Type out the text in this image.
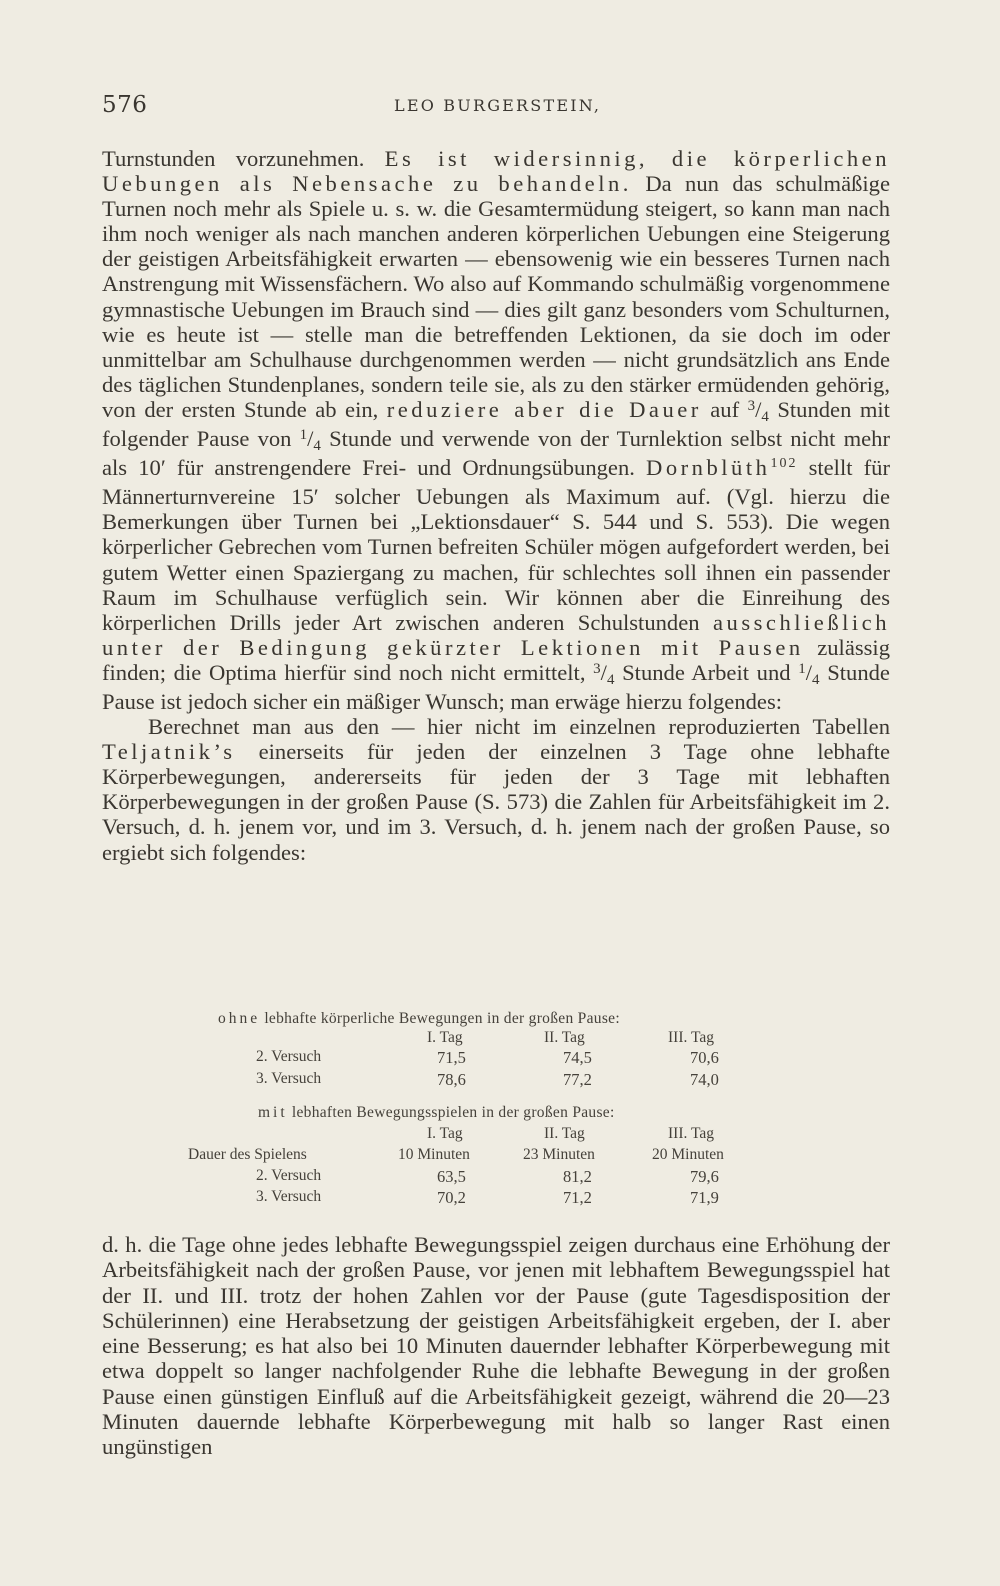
576	LEO BURGERSTEIN,

Turnstunden vorzunehmen. Es ist widersinnig, die körperlichen Uebungen als Nebensache zu behandeln. Da nun das schulmäßige Turnen noch mehr als Spiele u. s. w. die Gesamtermüdung steigert, so kann man nach ihm noch weniger als nach manchen anderen körperlichen Uebungen eine Steigerung der geistigen Arbeitsfähigkeit erwarten — ebensowenig wie ein besseres Turnen nach Anstrengung mit Wissensfächern. Wo also auf Kommando schulmäßig vorgenommene gymnastische Uebungen im Brauch sind — dies gilt ganz besonders vom Schulturnen, wie es heute ist — stelle man die betreffenden Lektionen, da sie doch im oder unmittelbar am Schulhause durchgenommen werden — nicht grundsätzlich ans Ende des täglichen Stundenplanes, sondern teile sie, als zu den stärker ermüdenden gehörig, von der ersten Stunde ab ein, reduziere aber die Dauer auf $^3$/4 Stunden mit folgender Pause von $^1$/4 Stunde und verwende von der Turnlektion selbst nicht mehr als 10′ für anstrengendere Frei- und Ordnungsübungen. Dornblüth$^{102}$ stellt für Männerturnvereine 15′ solcher Uebungen als Maximum auf. (Vgl. hierzu die Bemerkungen über Turnen bei „Lektionsdauer“ S. 544 und S. 553). Die wegen körperlicher Gebrechen vom Turnen befreiten Schüler mögen aufgefordert werden, bei gutem Wetter einen Spaziergang zu machen, für schlechtes soll ihnen ein passender Raum im Schulhause verfüglich sein. Wir können aber die Einreihung des körperlichen Drills jeder Art zwischen anderen Schulstunden ausschließlich unter der Bedingung gekürzter Lektionen mit Pausen zulässig finden; die Optima hierfür sind noch nicht ermittelt, $^3$/4 Stunde Arbeit und $^1$/4 Stunde Pause ist jedoch sicher ein mäßiger Wunsch; man erwäge hierzu folgendes:

Berechnet man aus den — hier nicht im einzelnen reproduzierten Tabellen Teljatnik’s einerseits für jeden der einzelnen 3 Tage ohne lebhafte Körperbewegungen, andererseits für jeden der 3 Tage mit lebhaften Körperbewegungen in der großen Pause (S. 573) die Zahlen für Arbeitsfähigkeit im 2. Versuch, d. h. jenem vor, und im 3. Versuch, d. h. jenem nach der großen Pause, so ergiebt sich folgendes:

ohne lebhafte körperliche Bewegungen in der großen Pause:
I. Tag	II. Tag	III. Tag
2. Versuch	71,5	74,5	70,6
3. Versuch	78,6	77,2	74,0
mit lebhaften Bewegungsspielen in der großen Pause:
I. Tag	II. Tag	III. Tag
Dauer des Spielens	10 Minuten	23 Minuten	20 Minuten
2. Versuch	63,5	81,2	79,6
3. Versuch	70,2	71,2	71,9

d. h. die Tage ohne jedes lebhafte Bewegungsspiel zeigen durchaus eine Erhöhung der Arbeitsfähigkeit nach der großen Pause, vor jenen mit lebhaftem Bewegungsspiel hat der II. und III. trotz der hohen Zahlen vor der Pause (gute Tagesdisposition der Schülerinnen) eine Herabsetzung der geistigen Arbeitsfähigkeit ergeben, der I. aber eine Besserung; es hat also bei 10 Minuten dauernder lebhafter Körperbewegung mit etwa doppelt so langer nachfolgender Ruhe die lebhafte Bewegung in der großen Pause einen günstigen Einfluß auf die Arbeitsfähigkeit gezeigt, während die 20—23 Minuten dauernde lebhafte Körperbewegung mit halb so langer Rast einen ungünstigen
